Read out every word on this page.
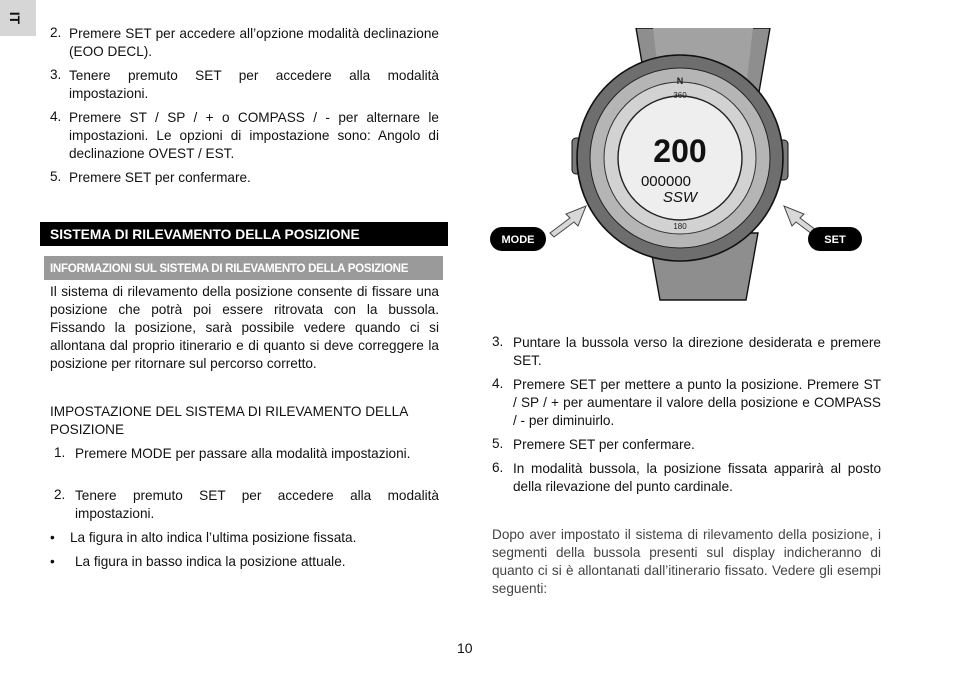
IT
2. Premere SET per accedere all’opzione modalità declinazione (EOO DECL).
3. Tenere premuto SET per accedere alla modalità impostazioni.
4. Premere ST / SP / + o COMPASS / - per alternare le impostazioni. Le opzioni di impostazione sono: Angolo di declinazione OVEST / EST.
5. Premere SET per confermare.
SISTEMA DI RILEVAMENTO DELLA POSIZIONE
INFORMAZIONI SUL SISTEMA DI RILEVAMENTO DELLA POSIZIONE
Il sistema di rilevamento della posizione consente di fissare una posizione che potrà poi essere ritrovata con la bussola. Fissando la posizione, sarà possibile vedere quando ci si allontana dal proprio itinerario e di quanto si deve correggere la posizione per ritornare sul percorso corretto.
IMPOSTAZIONE DEL SISTEMA DI RILEVAMENTO DELLA POSIZIONE
1. Premere MODE per passare alla modalità impostazioni.
2. Tenere premuto SET per accedere alla modalità impostazioni.
• La figura in alto indica l’ultima posizione fissata.
• La figura in basso indica la posizione attuale.
N
360
180
200
000000
SSW
MODE	SET
3. Puntare la bussola verso la direzione desiderata e premere SET.
4. Premere SET per mettere a punto la posizione. Premere ST / SP / + per aumentare il valore della posizione e COMPASS / - per diminuirlo.
5. Premere SET per confermare.
6. In modalità bussola, la posizione fissata apparirà al posto della rilevazione del punto cardinale.
Dopo aver impostato il sistema di rilevamento della posizione, i segmenti della bussola presenti sul display indicheranno di quanto ci si è allontanati dall’itinerario fissato. Vedere gli esempi seguenti:
10
